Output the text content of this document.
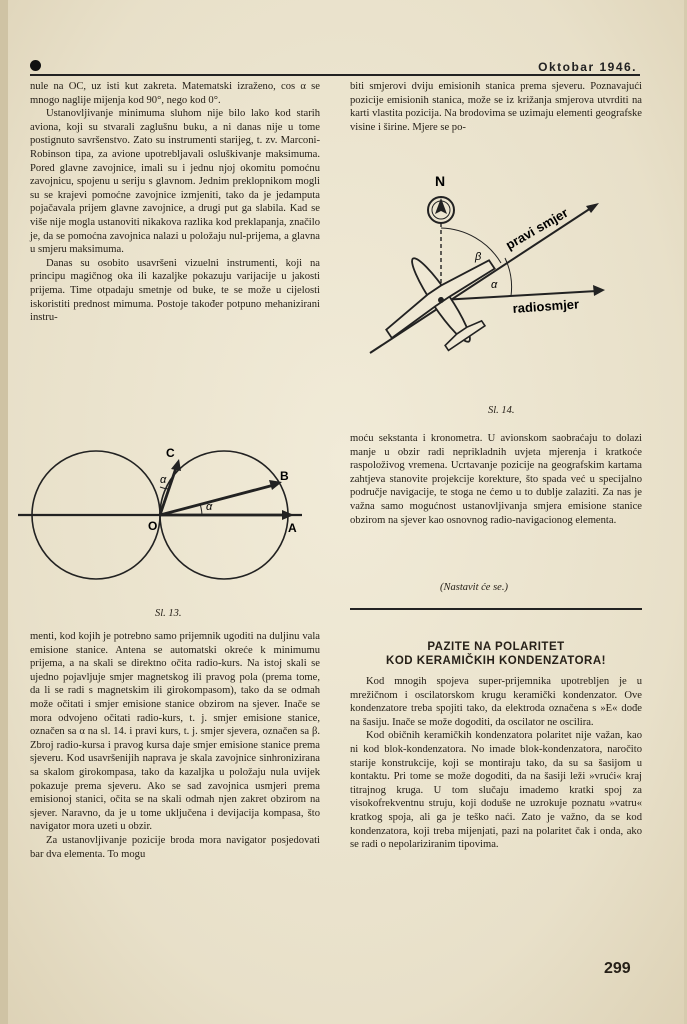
Oktobar 1946.

nule na OC, uz isti kut zakreta. Matematski izraženo, cos α se mnogo naglije mijenja kod 90°, nego kod 0°.

Ustanovljivanje minimuma sluhom nije bilo lako kod starih aviona, koji su stvarali zaglušnu buku, a ni danas nije u tome postignuto savršenstvo. Zato su instrumenti starijeg, t. zv. Marconi-Robinson tipa, za avione upotrebljavali osluškivanje maksimuma. Pored glavne zavojnice, imali su i jednu njoj okomitu pomoćnu zavojnicu, spojenu u seriju s glavnom. Jednim preklopnikom mogli su se krajevi pomoćne zavojnice izmjeniti, tako da je jedamputa pojačavala prijem glavne zavojnice, a drugi put ga slabila. Kad se više nije mogla ustanoviti nikakova razlika kod preklapanja, značilo je, da se pomoćna zavojnica nalazi u položaju nul-prijema, a glavna u smjeru maksimuma.

Danas su osobito usavršeni vizuelni instrumenti, koji na principu magičnog oka ili kazaljke pokazuju varijacije u jakosti prijema. Time otpadaju smetnje od buke, te se može u cijelosti iskoristiti prednost mimuma. Postoje također potpuno mehanizirani instru-

C
B
A
O
α
α
Sl. 13.

menti, kod kojih je potrebno samo prijemnik ugoditi na duljinu vala emisione stanice. Antena se automatski okreće k minimumu prijema, a na skali se direktno očita radio-kurs. Na istoj skali se ujedno pojavljuje smjer magnetskog ili pravog pola (prema tome, da li se radi s magnetskim ili girokompasom), tako da se odmah može očitati i smjer emisione stanice obzirom na sjever. Inače se mora odvojeno očitati radio-kurs, t. j. smjer emisione stanice, označen sa α na sl. 14. i pravi kurs, t. j. smjer sjevera, označen sa β. Zbroj radio-kursa i pravog kursa daje smjer emisione stanice prema sjeveru. Kod usavršenijih naprava je skala zavojnice sinhronizirana sa skalom girokompasa, tako da kazaljka u položaju nula uvijek pokazuje prema sjeveru. Ako se sad zavojnica usmjeri prema emisionoj stanici, očita se na skali odmah njen zakret obzirom na sjever. Naravno, da je u tome uključena i devijacija kompasa, što navigator mora uzeti u obzir.

Za ustanovljivanje pozicije broda mora navigator posjedovati bar dva elementa. To mogu

biti smjerovi dviju emisionih stanica prema sjeveru. Poznavajući pozicije emisionih stanica, može se iz križanja smjerova utvrditi na karti vlastita pozicija. Na brodovima se uzimaju elementi geografske visine i širine. Mjere se po-

N
β
α
pravi smjer
radiosmjer
Sl. 14.

moću sekstanta i kronometra. U avionskom saobraćaju to dolazi manje u obzir radi neprikladnih uvjeta mjerenja i kratkoće raspoloživog vremena. Ucrtavanje pozicije na geografskim kartama zahtjeva stanovite projekcije korekture, što spada već u specijalno područje navigacije, te stoga ne ćemo u to dublje zalaziti. Za nas je važna samo mogućnost ustanovljivanja smjera emisione stanice obzirom na sjever kao osnovnog radio-navigacionog elementa.

(Nastavit će se.)
PAZITE NA POLARITET
KOD KERAMIČKIH KONDENZATORA!

Kod mnogih spojeva super-prijemnika upotrebljen je u mrežičnom i oscilatorskom krugu keramički kondenzator. Ove kondenzatore treba spojiti tako, da elektroda označena s »E« dođe na šasiju. Inače se može dogoditi, da oscilator ne oscilira.

Kod običnih keramičkih kondenzatora polaritet nije važan, kao ni kod blok-kondenzatora. No imade blok-kondenzatora, naročito starije konstrukcije, koji se montiraju tako, da su sa šasijom u kontaktu. Pri tome se može dogoditi, da na šasiji leži »vrući« kraj titrajnog kruga. U tom slučaju imademo kratki spoj za visokofrekventnu struju, koji doduše ne uzrokuje poznatu »vatru« kratkog spoja, ali ga je teško naći. Zato je važno, da se kod kondenzatora, koji treba mijenjati, pazi na polaritet čak i onda, ako se radi o nepolariziranim tipovima.

299
